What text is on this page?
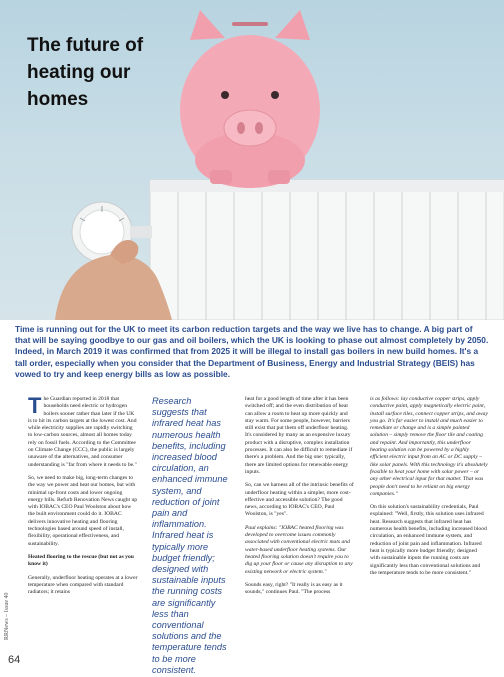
The future of
heating our
homes
Time is running out for the UK to meet its carbon reduction targets and the way we live has to change. A big part of that will be saying goodbye to our gas and oil boilers, which the UK is looking to phase out almost completely by 2050. Indeed, in March 2019 it was confirmed that from 2025 it will be illegal to install gas boilers in new build homes. It's a tall order, especially when you consider that the Department of Business, Energy and Industrial Strategy (BEIS) has vowed to try and keep energy bills as low as possible.

The Guardian reported in 2018 that households need electric or hydrogen boilers sooner rather than later if the UK is to hit its carbon targets at the lowest cost. And while electricity supplies are rapidly switching to low-carbon sources, almost all homes today rely on fossil fuels. According to the Committee on Climate Change (CCC), the public is largely unaware of the alternatives, and consumer understanding is "far from where it needs to be."

So, we need to make big, long-term changes to the way we power and heat our homes, but with minimal up-front costs and lower ongoing energy bills. Refurb Renovation News caught up with IOBAC's CEO Paul Woolston about how the built environment could do it. IOBAC delivers innovative heating and flooring technologies based around speed of install, flexibility, operational effectiveness, and sustainability.

Heated flooring to the rescue (but not as you know it)

Generally, underfloor heating operates at a lower temperature when compared with standard radiators; it retains

Research suggests that infrared heat has numerous health benefits, including increased blood circulation, an enhanced immune system, and reduction of joint pain and inflammation. Infrared heat is typically more budget friendly; designed with sustainable inputs the running costs are significantly less than conventional solutions and the temperature tends to be more consistent.

heat for a good length of time after it has been switched off; and the even distribution of heat can allow a room to heat up more quickly and stay warm. For some people, however, barriers still exist that put them off underfloor heating. It's considered by many as an expensive luxury product with a disruptive, complex installation processes. It can also be difficult to remediate if there's a problem. And the big one: typically, there are limited options for renewable energy inputs.

So, can we harness all of the intrinsic benefits of underfloor heating within a simpler, more cost-effective and accessible solution? The good news, according to IOBAC's CEO, Paul Woolston, is "yes".

Paul explains: "IOBAC heated flooring was developed to overcome issues commonly associated with conventional electric mats and water-based underfloor heating systems. Our heated flooring solution doesn't require you to dig up your floor or cause any disruption to any existing network or electric system."

Sounds easy, right? "It really is as easy as it sounds," continues Paul. "The process

is as follows: lay conductive copper strips, apply conductive paint, apply magnetically electric paint, install surface tiles, connect copper strips, and away you go. It's far easier to install and much easier to remediate or change and is a simple painted solution – simply remove the floor tile and coating and repaint. And importantly, this underfloor heating solution can be powered by a highly efficient electric input from an AC or DC supply – like solar panels. With this technology it's absolutely feasible to heat your home with solar power – or any other electrical input for that matter. That was people don't need to be reliant on big energy companies."

On this solution's sustainability credentials, Paul explained: "Well, firstly, this solution uses infrared heat. Research suggests that infrared heat has numerous health benefits, including increased blood circulation, an enhanced immune system, and reduction of joint pain and inflammation. Infrared heat is typically more budget friendly; designed with sustainable inputs the running costs are significantly less than conventional solutions and the temperature tends to be more consistent."

RRNews – Issue 40
64
